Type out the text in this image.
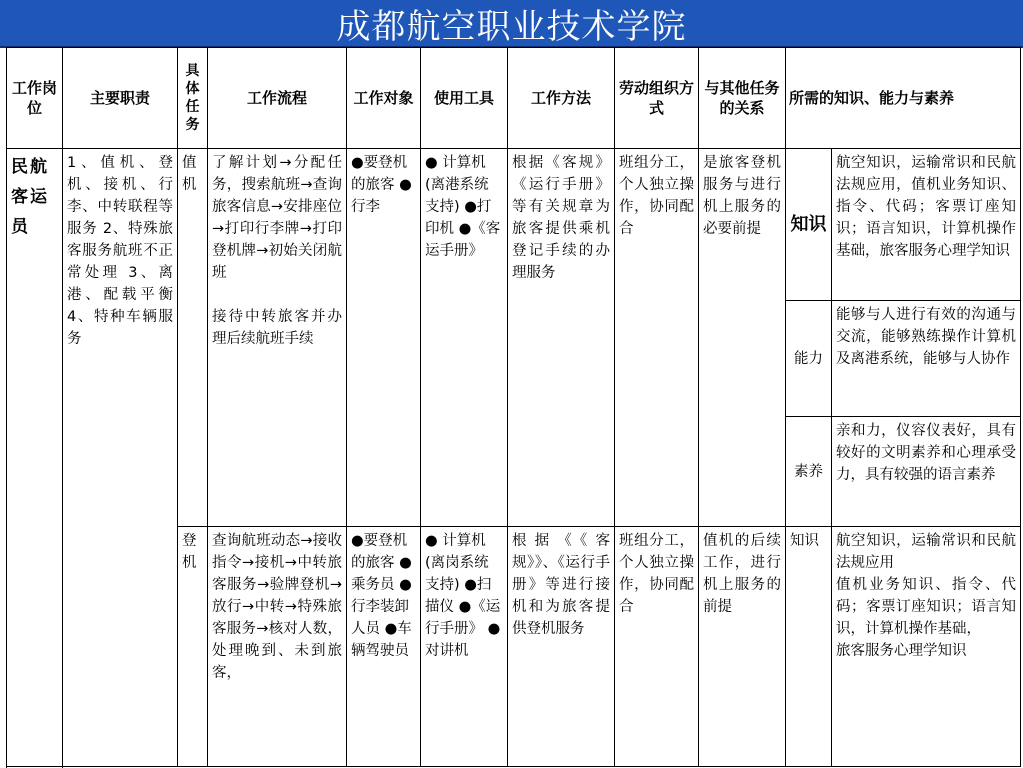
成都航空职业技术学院
工作岗位	主要职责	具体任务	工作流程	工作对象	使用工具	工作方法	劳动组织方式	与其他任务的关系	所需的知识、能力与素养	
民航客运员	1、值机、登机、接机、行李、中转联程等服务 2、特殊旅客服务航班不正常处理 3、离港、配载平衡 4、特种车辆服务	值机	了解计划→分配任务，搜索航班→查询旅客信息→安排座位→打印行李牌→打印登机牌→初始关闭航班
接待中转旅客并办理后续航班手续	●要登机的旅客 ● 行李	● 计算机(离港系统支持) ●打印机 ●《客运手册》	根据《客规》《运行手册》等有关规章为旅客提供乘机登记手续的办理服务	班组分工，个人独立操作，协同配合	是旅客登机服务与进行机上服务的必要前提	知识	航空知识，运输常识和民航法规应用，值机业务知识、指令、代码；客票订座知识；语言知识，计算机操作基础，旅客服务心理学知识
									能力	能够与人进行有效的沟通与交流，能够熟练操作计算机及离港系统，能够与人协作
									素养	亲和力，仪容仪表好，具有较好的文明素养和心理承受力，具有较强的语言素养
		登机	查询航班动态→接收指令→接机→中转旅客服务→验牌登机→放行→中转→特殊旅客服务→核对人数，处理晚到、未到旅客，	●要登机的旅客 ●乘务员 ●行李装卸人员 ●车辆驾驶员	● 计算机(离岗系统支持) ●扫描仪 ●《运行手册》 ●对讲机	根据《《客规》》、《运行手册》等进行接机和为旅客提供登机服务	班组分工，个人独立操作，协同配合	值机的后续工作，进行机上服务的前提	知识	航空知识，运输常识和民航法规应用
值机业务知识、指令、代码；客票订座知识；语言知识，计算机操作基础，
旅客服务心理学知识
